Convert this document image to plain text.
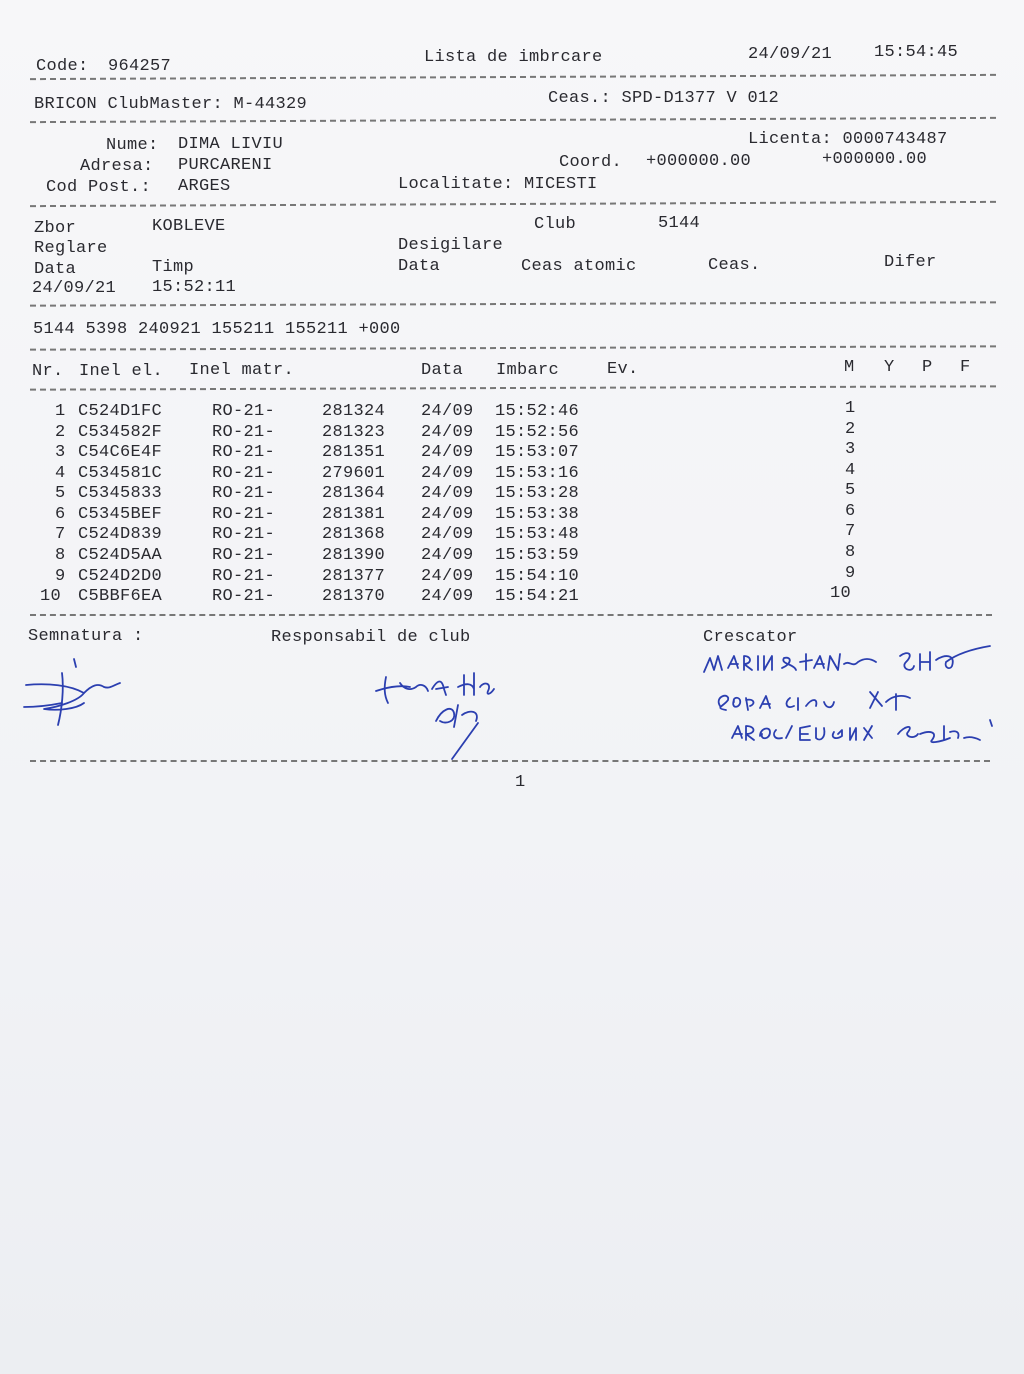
Code: 964257	Lista de imbrcare	24/09/21 15:54:45
BRICON ClubMaster: M-44329	Ceas.: SPD-D1377 V 012
Nume: DIMA LIVIU	Licenta: 0000743487
Adresa: PURCARENI	Coord. +000000.00	+000000.00
Cod Post.: ARGES	Localitate: MICESTI
Zbor	KOBLEVE	Club	5144
Reglare	Desigilare
Data	Timp	Data	Ceas atomic	Ceas.	Difer
24/09/21 15:52:11
5144 5398 240921 155211 155211 +000
Nr. Inel el. Inel matr.	Data Imbarc	Ev.	M Y P F
1 C524D1FC	RO-21-	281324 24/09 15:52:46	1
2 C534582F	RO-21-	281323 24/09 15:52:56	2
3 C54C6E4F	RO-21-	281351 24/09 15:53:07	3
4 C534581C	RO-21-	279601 24/09 15:53:16	4
5 C5345833	RO-21-	281364 24/09 15:53:28	5
6 C5345BEF	RO-21-	281381 24/09 15:53:38	6
7 C524D839	RO-21-	281368 24/09 15:53:48	7
8 C524D5AA	RO-21-	281390 24/09 15:53:59	8
9 C524D2D0	RO-21-	281377 24/09 15:54:10	9
10 C5BBF6EA	RO-21-	281370 24/09 15:54:21	10
Semnatura :	Responsabil de club	Crescator
1
